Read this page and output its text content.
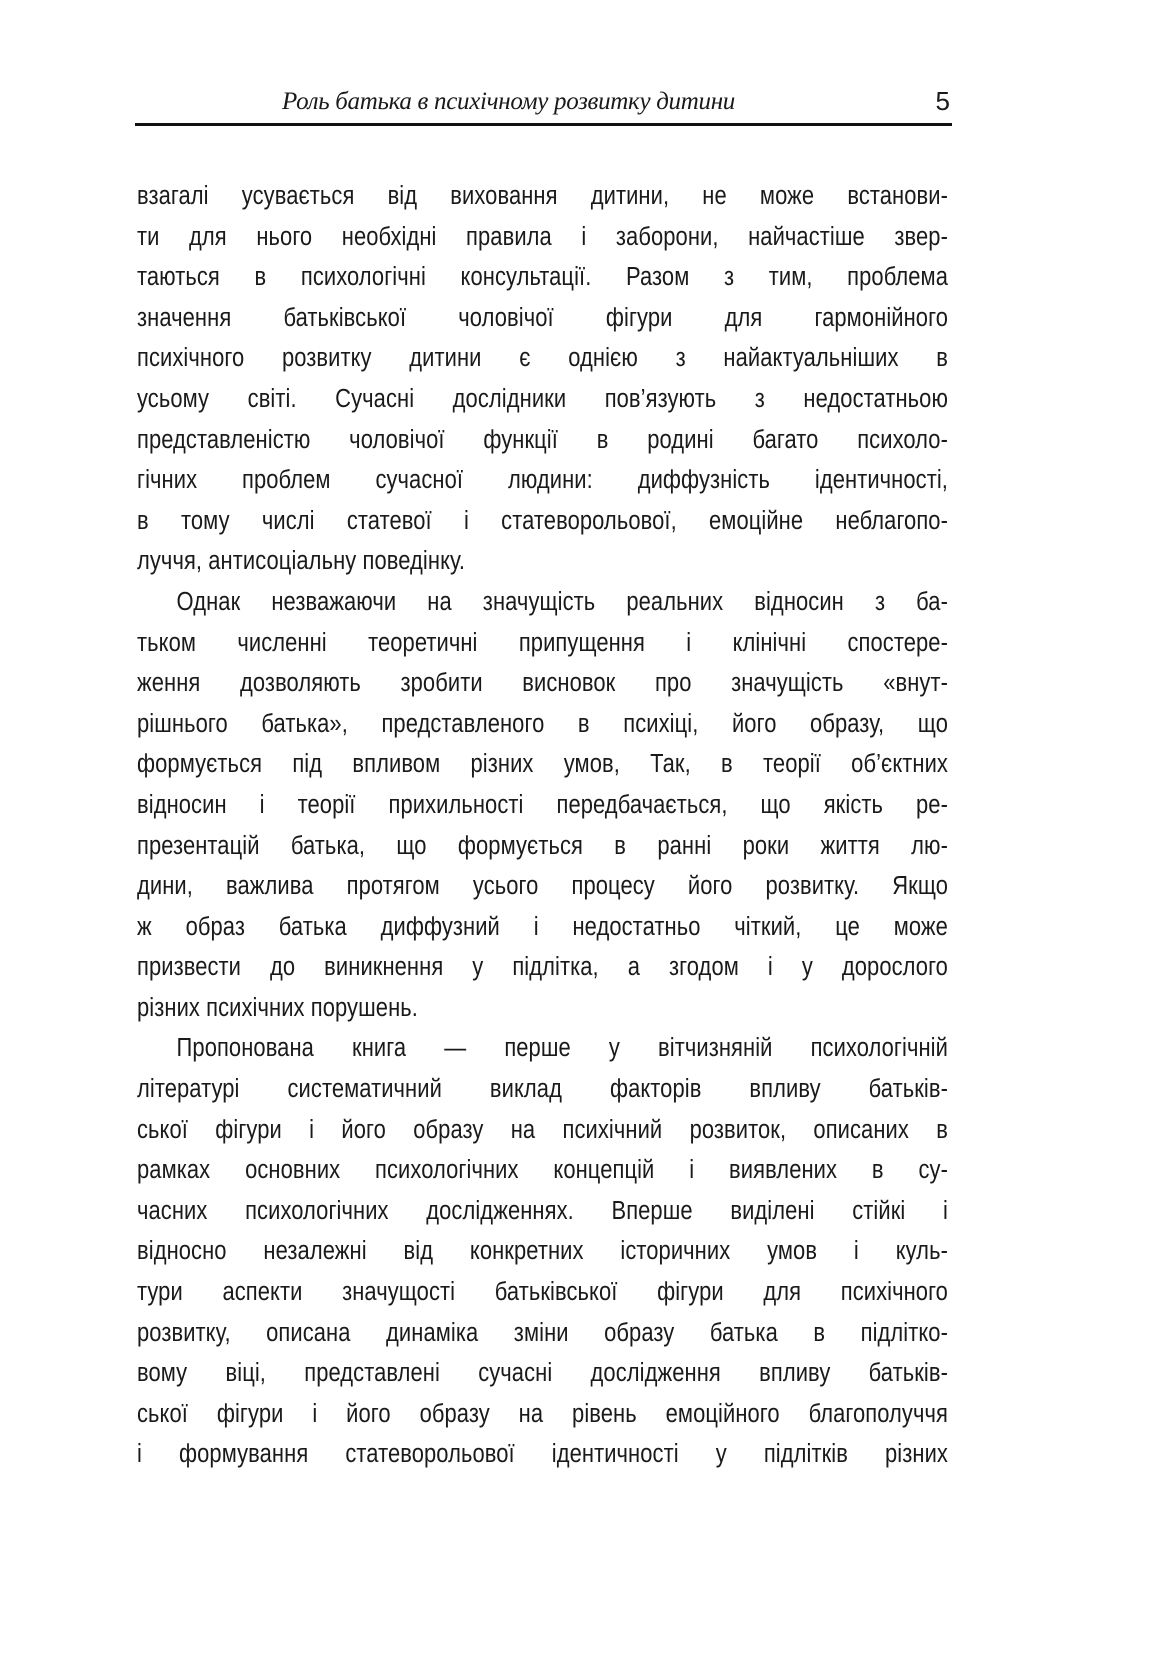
Роль батька в психічному розвитку дитини	5
взагалі усувається від виховання дитини, не може встанови-
ти для нього необхідні правила і заборони, найчастіше звер-
таються в психологічні консультації. Разом з тим, проблема
значення батьківської чоловічої фігури для гармонійного
психічного розвитку дитини є однією з найактуальніших в
усьому світі. Сучасні дослідники пов’язують з недостатньою
представленістю чоловічої функції в родині багато психоло-
гічних проблем сучасної людини: диффузність ідентичності,
в тому числі статевої і статеворольової, емоційне неблагопо-
луччя, антисоціальну поведінку.
Однак незважаючи на значущість реальних відносин з ба-
тьком численні теоретичні припущення і клінічні спостере-
ження дозволяють зробити висновок про значущість «внут-
рішнього батька», представленого в психіці, його образу, що
формується під впливом різних умов, Так, в теорії об’єктних
відносин і теорії прихильності передбачається, що якість ре-
презентацій батька, що формується в ранні роки життя лю-
дини, важлива протягом усього процесу його розвитку. Якщо
ж образ батька диффузний і недостатньо чіткий, це може
призвести до виникнення у підлітка, а згодом і у дорослого
різних психічних порушень.
Пропонована книга — перше у вітчизняній психологічній
літературі систематичний виклад факторів впливу батьків-
ської фігури і його образу на психічний розвиток, описаних в
рамках основних психологічних концепцій і виявлених в су-
часних психологічних дослідженнях. Вперше виділені стійкі і
відносно незалежні від конкретних історичних умов і куль-
тури аспекти значущості батьківської фігури для психічного
розвитку, описана динаміка зміни образу батька в підлітко-
вому віці, представлені сучасні дослідження впливу батьків-
ської фігури і його образу на рівень емоційного благополуччя
і формування статеворольової ідентичності у підлітків різних
